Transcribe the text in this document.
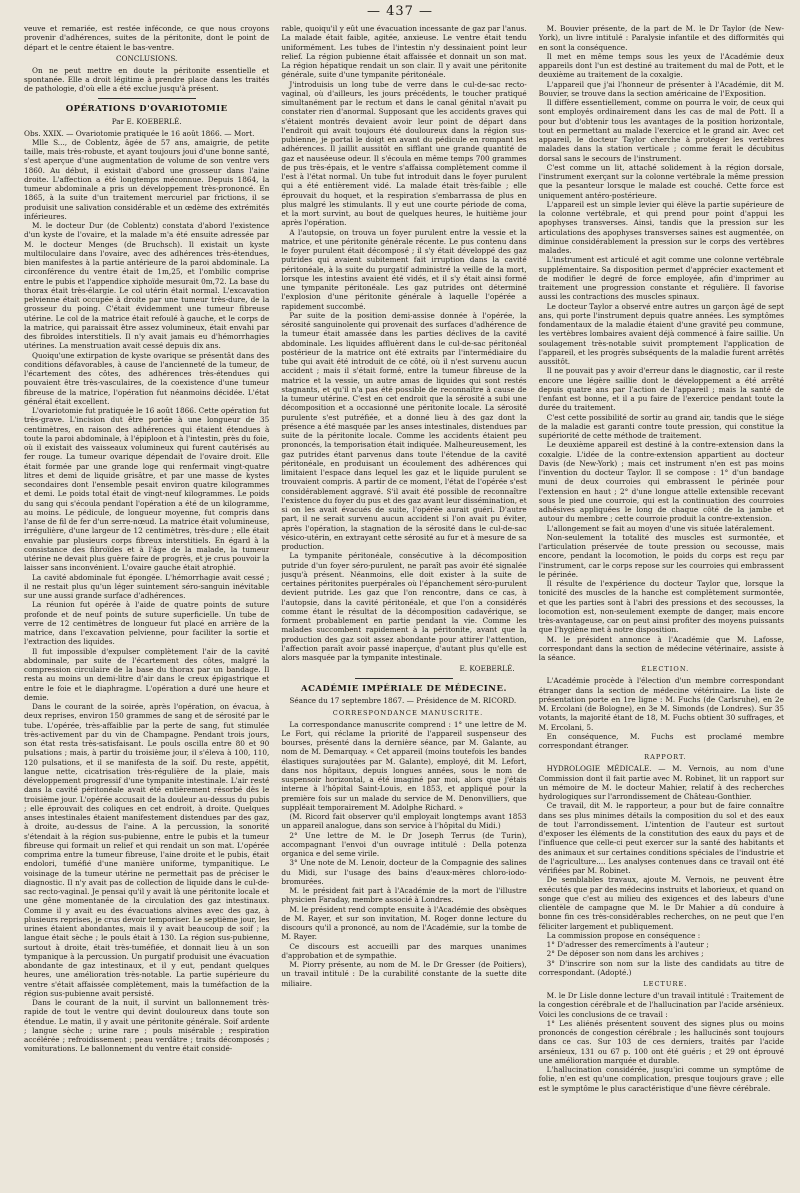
— 437 —

veuve et remariée, est restée inféconde, ce que nous croyons provenir d'adhérences, suites de la péritonite, dont le point de départ et le centre étaient le bas-ventre.

CONCLUSIONS.

On ne peut mettre en doute la péritonite essentielle et spontanée. Elle a droit légitime à prendre place dans les traités de pathologie, d'où elle a été exclue jusqu'à présent.

OPÉRATIONS D'OVARIOTOMIE

Par E. KOEBERLÉ.

Obs. XXIX. — Ovariotomie pratiquée le 16 août 1866. — Mort.

Mlle S..., de Coblentz, âgée de 57 ans, amaigrie, de petite taille, mais très-robuste, et ayant toujours joui d'une bonne santé, s'est aperçue d'une augmentation de volume de son ventre vers 1860. Au début, il existait d'abord une grosseur dans l'aine droite. L'affection a été longtemps méconnue. Depuis 1864, la tumeur abdominale a pris un développement très-prononcé. En 1865, à la suite d'un traitement mercuriel par frictions, il se produisit une salivation considérable et un œdème des extrémités inférieures.

M. le docteur Dur (de Coblentz) constata d'abord l'existence d'un kyste de l'ovaire, et la malade m'a été ensuite adressée par M. le docteur Menges (de Bruchsch). Il existait un kyste multiloculaire dans l'ovaire, avec des adhérences très-étendues, bien manifestes à la partie antérieure de la paroi abdominale. La circonférence du ventre était de 1m,25, et l'ombilic comprise entre le pubis et l'appendice xiphoïde mesurait 0m,72. La base du thorax était très-élargie. Le col utérin était normal. L'excavation pelvienne était occupée à droite par une tumeur très-dure, de la grosseur du poing. C'était évidemment une tumeur fibreuse utérine. Le col de la matrice était refoulé à gauche, et le corps de la matrice, qui paraissait être assez volumineux, était envahi par des fibroïdes interstitiels. Il n'y avait jamais eu d'hémorrhagies utérines. La menstruation avait cessé depuis dix ans.

Quoiqu'une extirpation de kyste ovarique se présentât dans des conditions défavorables, à cause de l'ancienneté de la tumeur, de l'écartement des côtes, des adhérences très-étendues qui pouvaient être très-vasculaires, de la coexistence d'une tumeur fibreuse de la matrice, l'opération fut néanmoins décidée. L'état général était excellent.

L'ovariotomie fut pratiquée le 16 août 1866. Cette opération fut très-grave. L'incision dut être portée à une longueur de 35 centimètres, en raison des adhérences qui étaient étendues à toute la paroi abdominale, à l'épiploon et à l'intestin, près du foie, où il existait des vaisseaux volumineux qui furent cautérisés au fer rouge. La tumeur ovarique dépendait de l'ovaire droit. Elle était formée par une grande loge qui renfermait vingt-quatre litres et demi de liquide grisâtre, et par une masse de kystes secondaires dont l'ensemble pesait environ quatre kilogrammes et demi. Le poids total était de vingt-neuf kilogrammes. Le poids du sang qui s'écoula pendant l'opération a été de un kilogramme, au moins. Le pédicule, de longueur moyenne, fut compris dans l'anse de fil de fer d'un serre-nœud. La matrice était volumineuse, irrégulière, d'une largeur de 12 centimètres, très-dure ; elle était envahie par plusieurs corps fibreux interstitiels. En égard à la consistance des fibroïdes et à l'âge de la malade, la tumeur utérine ne devait plus guère faire de progrès, et je crus pouvoir la laisser sans inconvénient. L'ovaire gauche était atrophié.

La cavité abdominale fut épongée. L'hémorrhagie avait cessé ; il ne restait plus qu'un léger suintement séro-sanguin inévitable sur une aussi grande surface d'adhérences.

La réunion fut opérée à l'aide de quatre points de suture profonde et de neuf points de suture superficielle. Un tube de verre de 12 centimètres de longueur fut placé en arrière de la matrice, dans l'excavation pelvienne, pour faciliter la sortie et l'extraction des liquides.

Il fut impossible d'expulser complètement l'air de la cavité abdominale, par suite de l'écartement des côtes, malgré la compression circulaire de la base du thorax par un bandage. Il resta au moins un demi-litre d'air dans le creux épigastrique et entre le foie et le diaphragme. L'opération a duré une heure et demie.

Dans le courant de la soirée, après l'opération, on évacua, à deux reprises, environ 150 grammes de sang et de sérosité par le tube. L'opérée, très-affaiblie par la perte de sang, fut stimulée très-activement par du vin de Champagne. Pendant trois jours, son état resta très-satisfaisant. Le pouls oscilla entre 80 et 90 pulsations ; mais, à partir du troisième jour, il s'éleva à 100, 110, 120 pulsations, et il se manifesta de la soif. Du reste, appétit, langue nette, cicatrisation très-régulière de la plaie, mais développement progressif d'une tympanite intestinale. L'air resté dans la cavité péritonéale avait été entièrement résorbé dès le troisième jour. L'opérée accusait de la douleur au-dessus du pubis ; elle éprouvait des coliques en cet endroit, à droite. Quelques anses intestinales étaient manifestement distendues par des gaz, à droite, au-dessus de l'aine. A la percussion, la sonorité s'étendait à la région sus-pubienne, entre le pubis et la tumeur fibreuse qui formait un relief et qui rendait un son mat. L'opérée comprima entre la tumeur fibreuse, l'aine droite et le pubis, était endolori, tuméfié d'une manière uniforme, tympanitique. Le voisinage de la tumeur utérine ne permettait pas de préciser le diagnostic. Il n'y avait pas de collection de liquide dans le cul-de-sac recto-vaginal. Je pensai qu'il y avait là une péritonite locale et une gêne momentanée de la circulation des gaz intestinaux. Comme il y avait eu des évacuations alvines avec des gaz, à plusieurs reprises, je crus devoir temporiser. Le septième jour, les urines étaient abondantes, mais il y avait beaucoup de soif ; la langue était sèche ; le pouls était à 130. La région sus-pubienne, surtout à droite, était très-tuméfiée, et donnait lieu à un son tympanique à la percussion. Un purgatif produisit une évacuation abondante de gaz intestinaux, et il y eut, pendant quelques heures, une amélioration très-notable. La partie supérieure du ventre s'était affaissée complètement, mais la tuméfaction de la région sus-pubienne avait persisté.

Dans le courant de la nuit, il survint un ballonnement très-rapide de tout le ventre qui devint douloureux dans toute son étendue. Le matin, il y avait une péritonite générale. Soif ardente ; langue sèche ; urine rare ; pouls misérable ; respiration accélérée ; refroidissement ; peau verdâtre ; traits décomposés ; vomiturations. Le ballonnement du ventre était considé-

rable, quoiqu'il y eût une évacuation incessante de gaz par l'anus. La malade était faible, agitée, anxieuse. Le ventre était tendu uniformément. Les tubes de l'intestin n'y dessinaient point leur relief. La région pubienne était affaissée et donnait un son mat. La région hépatique rendait un son clair. Il y avait une péritonite générale, suite d'une tympanite péritonéale.

J'introduisis un long tube de verre dans le cul-de-sac recto-vaginal, où d'ailleurs, les jours précédents, le toucher pratiqué simultanément par le rectum et dans le canal génital n'avait pu constater rien d'anormal. Supposant que les accidents graves qui s'étaient montrés devaient avoir leur point de départ dans l'endroit qui avait toujours été douloureux dans la région sus-pubienne, je portai le doigt en avant du pédicule en rompant les adhérences. Il jaillit aussitôt en sifflant une grande quantité de gaz et nauséeuse odeur. Il s'écoula en même temps 700 grammes de pus très-épais, et le ventre s'affaissa complètement comme il l'est à l'état normal. Un tube fut introduit dans le foyer purulent qui a été entièrement vidé. La malade était très-faible ; elle éprouvait du hoquet, et la respiration s'embarrassa de plus en plus malgré les stimulants. Il y eut une courte période de coma, et la mort survint, au bout de quelques heures, le huitième jour après l'opération.

A l'autopsie, on trouva un foyer purulent entre la vessie et la matrice, et une péritonite générale récente. Le pus contenu dans le foyer purulent était décomposé ; il s'y était développé des gaz putrides qui avaient subitement fait irruption dans la cavité péritonéale, à la suite du purgatif administré la veille de la mort, lorsque les intestins avaient été vidés, et il s'y était ainsi formé une tympanite péritonéale. Les gaz putrides ont déterminé l'explosion d'une péritonite générale à laquelle l'opérée a rapidement succombé.

Par suite de la position demi-assise donnée à l'opérée, la sérosité sanguinolente qui provenait des surfaces d'adhérence de la tumeur était amassée dans les parties déclives de la cavité abdominale. Les liquides affluèrent dans le cul-de-sac péritonéal postérieur de la matrice ont été extraits par l'intermédiaire du tube qui avait été introduit de ce côté, où il n'est survenu aucun accident ; mais il s'était formé, entre la tumeur fibreuse de la matrice et la vessie, un autre amas de liquides qui sont restés stagnants, et qu'il n'a pas été possible de reconnaître à cause de la tumeur utérine. C'est en cet endroit que la sérosité a subi une décomposition et a occasionné une péritonite locale. La sérosité purulente s'est putréfiée, et a donné lieu à des gaz dont la présence a été masquée par les anses intestinales, distendues par suite de la péritonite locale. Comme les accidents étaient peu prononcés, la temporisation était indiquée. Malheureusement, les gaz putrides étant parvenus dans toute l'étendue de la cavité péritonéale, en produisant un écoulement des adhérences qui limitaient l'espace dans lequel les gaz et le liquide purulent se trouvaient compris. A partir de ce moment, l'état de l'opérée s'est considérablement aggravé. S'il avait été possible de reconnaître l'existence du foyer du pus et des gaz avant leur dissémination, et si on les avait évacués de suite, l'opérée aurait guéri. D'autre part, il ne serait survenu aucun accident si l'on avait pu éviter, après l'opération, la stagnation de la sérosité dans le cul-de-sac vésico-utérin, en extrayant cette sérosité au fur et à mesure de sa production.

La tympanite péritonéale, consécutive à la décomposition putride d'un foyer séro-purulent, ne paraît pas avoir été signalée jusqu'à présent. Néanmoins, elle doit exister à la suite de certaines péritonites puerpérales où l'épanchement séro-purulent devient putride. Les gaz que l'on rencontre, dans ce cas, à l'autopsie, dans la cavité péritonéale, et que l'on a considérés comme étant le résultat de la décomposition cadavérique, se forment probablement en partie pendant la vie. Comme les malades succombent rapidement à la péritonite, avant que la production des gaz soit assez abondante pour attirer l'attention, l'affection paraît avoir passé inaperçue, d'autant plus qu'elle est alors masquée par la tympanite intestinale.

E. KOEBERLÉ.

ACADÉMIE IMPÉRIALE DE MÉDECINE.

Séance du 17 septembre 1867. — Présidence de M. RICORD.

CORRESPONDANCE MANUSCRITE.

La correspondance manuscrite comprend : 1° une lettre de M. Le Fort, qui réclame la priorité de l'appareil suspenseur des bourses, présenté dans la dernière séance, par M. Galante, au nom de M. Demarquay. « Cet appareil (moins toutefois les bandes élastiques surajoutées par M. Galante), employé, dit M. Lefort, dans nos hôpitaux, depuis longues années, sous le nom de suspensoir horizontal, a été imaginé par moi, alors que j'étais interne à l'hôpital Saint-Louis, en 1853, et appliqué pour la première fois sur un malade du service de M. Denonvilliers, que suppléait temporairement M. Adolphe Richard. »

(M. Ricord fait observer qu'il employait longtemps avant 1853 un appareil analogue, dans son service à l'hôpital du Midi.)

2° Une lettre de M. le Dr Joseph Terrus (de Turin), accompagnant l'envoi d'un ouvrage intitulé : Della potenza organica e del seme virile.

3° Une note de M. Lenoir, docteur de la Compagnie des salines du Midi, sur l'usage des bains d'eaux-mères chloro-iodo-bromurées.

M. le président fait part à l'Académie de la mort de l'illustre physicien Faraday, membre associé à Londres.

M. le président rend compte ensuite à l'Académie des obsèques de M. Rayer, et sur son invitation, M. Roger donne lecture du discours qu'il a prononcé, au nom de l'Académie, sur la tombe de M. Rayer.

Ce discours est accueilli par des marques unanimes d'approbation et de sympathie.

M. Piorry présente, au nom de M. le Dr Gresser (de Poitiers), un travail intitulé : De la curabilité constante de la suette dite miliaire.

M. Bouvier présente, de la part de M. le Dr Taylor (de New-York), un livre intitulé : Paralysie infantile et des difformités qui en sont la conséquence.

Il met en même temps sous les yeux de l'Académie deux appareils dont l'un est destiné au traitement du mal de Pott, et le deuxième au traitement de la coxalgie.

L'appareil que j'ai l'honneur de présenter à l'Académie, dit M. Bouvier, se trouve dans la section américaine de l'Exposition.

Il diffère essentiellement, comme on pourra le voir, de ceux qui sont employés ordinairement dans les cas de mal de Pott. Il a pour but d'obtenir tous les avantages de la position horizontale, tout en permettant au malade l'exercice et le grand air. Avec cet appareil, le docteur Taylor cherche à protéger les vertèbres malades dans la station verticale ; comme ferait le décubitus dorsal sans le secours de l'instrument.

C'est comme un lit, attaché solidement à la région dorsale, l'instrument exerçant sur la colonne vertébrale la même pression que la pesanteur lorsque le malade est couché. Cette force est uniquement antéro-postérieure.

L'appareil est un simple levier qui élève la partie supérieure de la colonne vertébrale, et qui prend pour point d'appui les apophyses transverses. Ainsi, tandis que la pression sur les articulations des apophyses transverses saines est augmentée, on diminue considérablement la pression sur le corps des vertèbres malades.

L'instrument est articulé et agit comme une colonne vertébrale supplémentaire. Sa disposition permet d'apprécier exactement et de modifier le degré de force employée, afin d'imprimer au traitement une progression constante et régulière. Il favorise aussi les contractions des muscles spinaux.

Le docteur Taylor a observé entre autres un garçon âgé de sept ans, qui porte l'instrument depuis quatre années. Les symptômes fondamentaux de la maladie étaient d'une gravité peu commune, les vertèbres lombaires avaient déjà commencé à faire saillie. Un soulagement très-notable suivit promptement l'application de l'appareil, et les progrès subséquents de la maladie furent arrêtés aussitôt.

Il ne pouvait pas y avoir d'erreur dans le diagnostic, car il reste encore une légère saillie dont le développement a été arrêté depuis quatre ans par l'action de l'appareil ; mais la santé de l'enfant est bonne, et il a pu faire de l'exercice pendant toute la durée du traitement.

C'est cette possibilité de sortir au grand air, tandis que le siége de la maladie est garanti contre toute pression, qui constitue la supériorité de cette méthode de traitement.

Le deuxième appareil est destiné à la contre-extension dans la coxalgie. L'idée de la contre-extension appartient au docteur Davis (de New-York) ; mais cet instrument n'en est pas moins l'invention du docteur Taylor. Il se compose : 1° d'un bandage muni de deux courroies qui embrassent le périnée pour l'extension en haut ; 2° d'une longue attelle extensible recevant sous le pied une courroie, qui est la continuation des courroies adhésives appliquées le long de chaque côté de la jambe et autour du membre ; cette courroie produit la contre-extension.

L'allongement se fait au moyen d'une vis située latéralement.

Non-seulement la totalité des muscles est surmontée, et l'articulation préservée de toute pression ou secousse, mais encore, pendant la locomotion, le poids du corps est reçu par l'instrument, car le corps repose sur les courroies qui embrassent le périnée.

Il résulte de l'expérience du docteur Taylor que, lorsque la tonicité des muscles de la hanche est complètement surmontée, et que les parties sont à l'abri des pressions et des secousses, la locomotion est, non-seulement exempte de danger, mais encore très-avantageuse, car on peut ainsi profiter des moyens puissants que l'hygiène met à notre disposition.

M. le président annonce à l'Académie que M. Lafosse, correspondant dans la section de médecine vétérinaire, assiste à la séance.

ÉLECTION.

L'Académie procède à l'élection d'un membre correspondant étranger dans la section de médecine vétérinaire. La liste de présentation porte en 1re ligne : M. Fuchs (de Carlsruhe), en 2e M. Ercolani (de Bologne), en 3e M. Simonds (de Londres). Sur 35 votants, la majorité étant de 18, M. Fuchs obtient 30 suffrages, et M. Ercolani, 5.

En conséquence, M. Fuchs est proclamé membre correspondant étranger.

RAPPORT.

HYDROLOGIE MÉDICALE. — M. Vernois, au nom d'une Commission dont il fait partie avec M. Robinet, lit un rapport sur un mémoire de M. le docteur Mahier, relatif à des recherches hydrologiques sur l'arrondissement de Château-Gonthier.

Ce travail, dit M. le rapporteur, a pour but de faire connaître dans ses plus minimes détails la composition du sol et des eaux de tout l'arrondissement. L'intention de l'auteur est surtout d'exposer les éléments de la constitution des eaux du pays et de l'influence que celle-ci peut exercer sur la santé des habitants et des animaux et sur certaines conditions spéciales de l'industrie et de l'agriculture.... Les analyses contenues dans ce travail ont été vérifiées par M. Robinet.

De semblables travaux, ajoute M. Vernois, ne peuvent être exécutés que par des médecins instruits et laborieux, et quand on songe que c'est au milieu des exigences et des labeurs d'une clientèle de campagne que M. le Dr Mahier a dû conduire à bonne fin ces très-considérables recherches, on ne peut que l'en féliciter largement et publiquement.

La commission propose en conséquence :

1° D'adresser des remercîments à l'auteur ;

2° De déposer son nom dans les archives ;

3° D'inscrire son nom sur la liste des candidats au titre de correspondant. (Adopté.)

LECTURE.

M. le Dr Lisle donne lecture d'un travail intitulé : Traitement de la congestion cérébrale et de l'hallucination par l'acide arsénieux. Voici les conclusions de ce travail :

1° Les aliénés présentent souvent des signes plus ou moins prononcés de congestion cérébrale ; les hallucinés sont toujours dans ce cas. Sur 103 de ces derniers, traités par l'acide arsénieux, 131 ou 67 p. 100 ont été guéris ; et 29 ont éprouvé une amélioration marquée et durable.

L'hallucination considérée, jusqu'ici comme un symptôme de folie, n'en est qu'une complication, presque toujours grave ; elle est le symptôme le plus caractéristique d'une fièvre cérébrale.
